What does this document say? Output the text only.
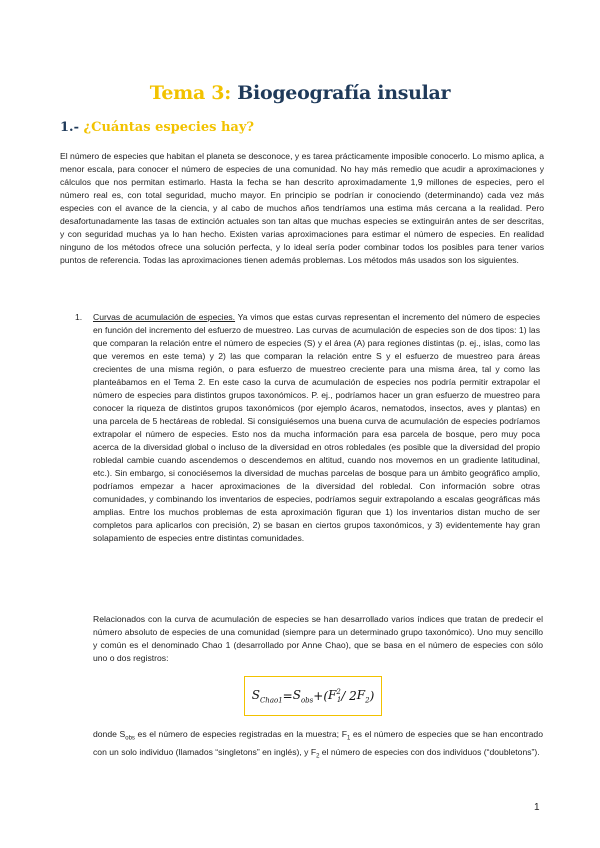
Tema 3: Biogeografía insular
1.- ¿Cuántas especies hay?

El número de especies que habitan el planeta se desconoce, y es tarea prácticamente imposible conocerlo. Lo mismo aplica, a menor escala, para conocer el número de especies de una comunidad. No hay más remedio que acudir a aproximaciones y cálculos que nos permitan estimarlo. Hasta la fecha se han descrito aproximadamente 1,9 millones de especies, pero el número real es, con total seguridad, mucho mayor. En principio se podrían ir conociendo (determinando) cada vez más especies con el avance de la ciencia, y al cabo de muchos años tendríamos una estima más cercana a la realidad. Pero desafortunadamente las tasas de extinción actuales son tan altas que muchas especies se extinguirán antes de ser descritas, y con seguridad muchas ya lo han hecho. Existen varias aproximaciones para estimar el número de especies. En realidad ninguno de los métodos ofrece una solución perfecta, y lo ideal sería poder combinar todos los posibles para tener varios puntos de referencia. Todas las aproximaciones tienen además problemas. Los métodos más usados son los siguientes.

1. Curvas de acumulación de especies. Ya vimos que estas curvas representan el incremento del número de especies en función del incremento del esfuerzo de muestreo. Las curvas de acumulación de especies son de dos tipos: 1) las que comparan la relación entre el número de especies (S) y el área (A) para regiones distintas (p. ej., islas, como las que veremos en este tema) y 2) las que comparan la relación entre S y el esfuerzo de muestreo para áreas crecientes de una misma región, o para esfuerzo de muestreo creciente para una misma área, tal y como las planteábamos en el Tema 2. En este caso la curva de acumulación de especies nos podría permitir extrapolar el número de especies para distintos grupos taxonómicos. P. ej., podríamos hacer un gran esfuerzo de muestreo para conocer la riqueza de distintos grupos taxonómicos (por ejemplo ácaros, nematodos, insectos, aves y plantas) en una parcela de 5 hectáreas de robledal. Si consiguiésemos una buena curva de acumulación de especies podríamos extrapolar el número de especies. Esto nos da mucha información para esa parcela de bosque, pero muy poca acerca de la diversidad global o incluso de la diversidad en otros robledales (es posible que la diversidad del propio robledal cambie cuando ascendemos o descendemos en altitud, cuando nos movemos en un gradiente latitudinal, etc.). Sin embargo, si conociésemos la diversidad de muchas parcelas de bosque para un ámbito geográfico amplio, podríamos empezar a hacer aproximaciones de la diversidad del robledal. Con información sobre otras comunidades, y combinando los inventarios de especies, podríamos seguir extrapolando a escalas geográficas más amplias. Entre los muchos problemas de esta aproximación figuran que 1) los inventarios distan mucho de ser completos para aplicarlos con precisión, 2) se basan en ciertos grupos taxonómicos, y 3) evidentemente hay gran solapamiento de especies entre distintas comunidades.

Relacionados con la curva de acumulación de especies se han desarrollado varios índices que tratan de predecir el número absoluto de especies de una comunidad (siempre para un determinado grupo taxonómico). Uno muy sencillo y común es el denominado Chao 1 (desarrollado por Anne Chao), que se basa en el número de especies con sólo uno o dos registros:

$S_{Chao1} = S_{obs}$ + ( $F^2_1 / 2$ $F_2$ )

donde $S_{obs}$ es el número de especies registradas en la muestra; $F_1$ es el número de especies que se han encontrado con un solo individuo (llamados “singletons” en inglés), y $F_2$ el número de especies con dos individuos (“doubletons”).

1
